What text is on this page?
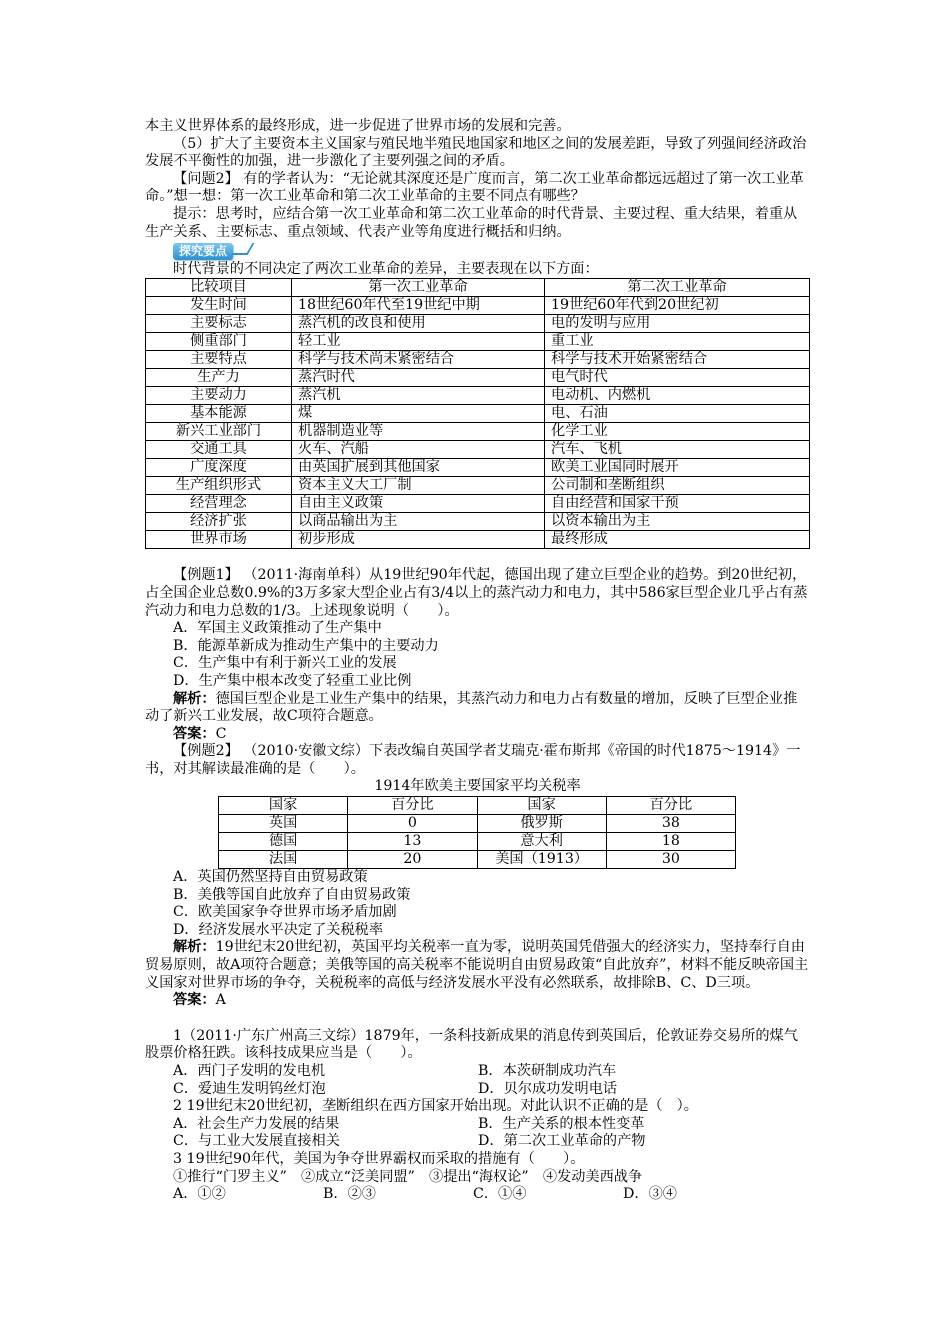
本主义世界体系的最终形成，进一步促进了世界市场的发展和完善。

（5）扩大了主要资本主义国家与殖民地半殖民地国家和地区之间的发展差距，导致了列强间经济政治发展不平衡性的加强，进一步激化了主要列强之间的矛盾。

【问题2】 有的学者认为：“无论就其深度还是广度而言，第二次工业革命都远远超过了第一次工业革命。”想一想：第一次工业革命和第二次工业革命的主要不同点有哪些？

提示：思考时，应结合第一次工业革命和第二次工业革命的时代背景、主要过程、重大结果，着重从生产关系、主要标志、重点领域、代表产业等角度进行概括和归纳。

探究要点

时代背景的不同决定了两次工业革命的差异，主要表现在以下方面：

比较项目	第一次工业革命	第二次工业革命
发生时间	18世纪60年代至19世纪中期	19世纪60年代到20世纪初
主要标志	蒸汽机的改良和使用	电的发明与应用
侧重部门	轻工业	重工业
主要特点	科学与技术尚未紧密结合	科学与技术开始紧密结合
生产力	蒸汽时代	电气时代
主要动力	蒸汽机	电动机、内燃机
基本能源	煤	电、石油
新兴工业部门	机器制造业等	化学工业
交通工具	火车、汽船	汽车、飞机
广度深度	由英国扩展到其他国家	欧美工业国同时展开
生产组织形式	资本主义大工厂制	公司制和垄断组织
经营理念	自由主义政策	自由经营和国家干预
经济扩张	以商品输出为主	以资本输出为主
世界市场	初步形成	最终形成

【例题1】 （2011·海南单科）从19世纪90年代起，德国出现了建立巨型企业的趋势。到20世纪初，占全国企业总数0.9%的3万多家大型企业占有3/4以上的蒸汽动力和电力，其中586家巨型企业几乎占有蒸汽动力和电力总数的1/3。上述现象说明（　　）。

A．军国主义政策推动了生产集中

B．能源革新成为推动生产集中的主要动力

C．生产集中有利于新兴工业的发展

D．生产集中根本改变了轻重工业比例

解析：德国巨型企业是工业生产集中的结果，其蒸汽动力和电力占有数量的增加，反映了巨型企业推动了新兴工业发展，故C项符合题意。

答案：C

【例题2】 （2010·安徽文综）下表改编自英国学者艾瑞克·霍布斯邦《帝国的时代1875～1914》一书，对其解读最准确的是（　　）。

1914年欧美主要国家平均关税率

国家	百分比	国家	百分比
英国	0	俄罗斯	38
德国	13	意大利	18
法国	20	美国（1913）	30

A．英国仍然坚持自由贸易政策

B．美俄等国自此放弃了自由贸易政策

C．欧美国家争夺世界市场矛盾加剧

D．经济发展水平决定了关税税率

解析：19世纪末20世纪初，英国平均关税率一直为零，说明英国凭借强大的经济实力，坚持奉行自由贸易原则，故A项符合题意；美俄等国的高关税率不能说明自由贸易政策“自此放弃”，材料不能反映帝国主义国家对世界市场的争夺，关税税率的高低与经济发展水平没有必然联系，故排除B、C、D三项。

答案：A

1（2011·广东广州高三文综）1879年，一条科技新成果的消息传到英国后，伦敦证券交易所的煤气股票价格狂跌。该科技成果应当是（　　）。

A．西门子发明的发电机	B．本茨研制成功汽车
C．爱迪生发明钨丝灯泡	D．贝尔成功发明电话

2 19世纪末20世纪初，垄断组织在西方国家开始出现。对此认识不正确的是（　）。

A．社会生产力发展的结果	B．生产关系的根本性变革
C．与工业大发展直接相关	D．第二次工业革命的产物

3 19世纪90年代，美国为争夺世界霸权而采取的措施有（　　）。

①推行“门罗主义”　②成立“泛美同盟”　③提出“海权论”　④发动美西战争

A．①②	B．②③	C．①④	D．③④
